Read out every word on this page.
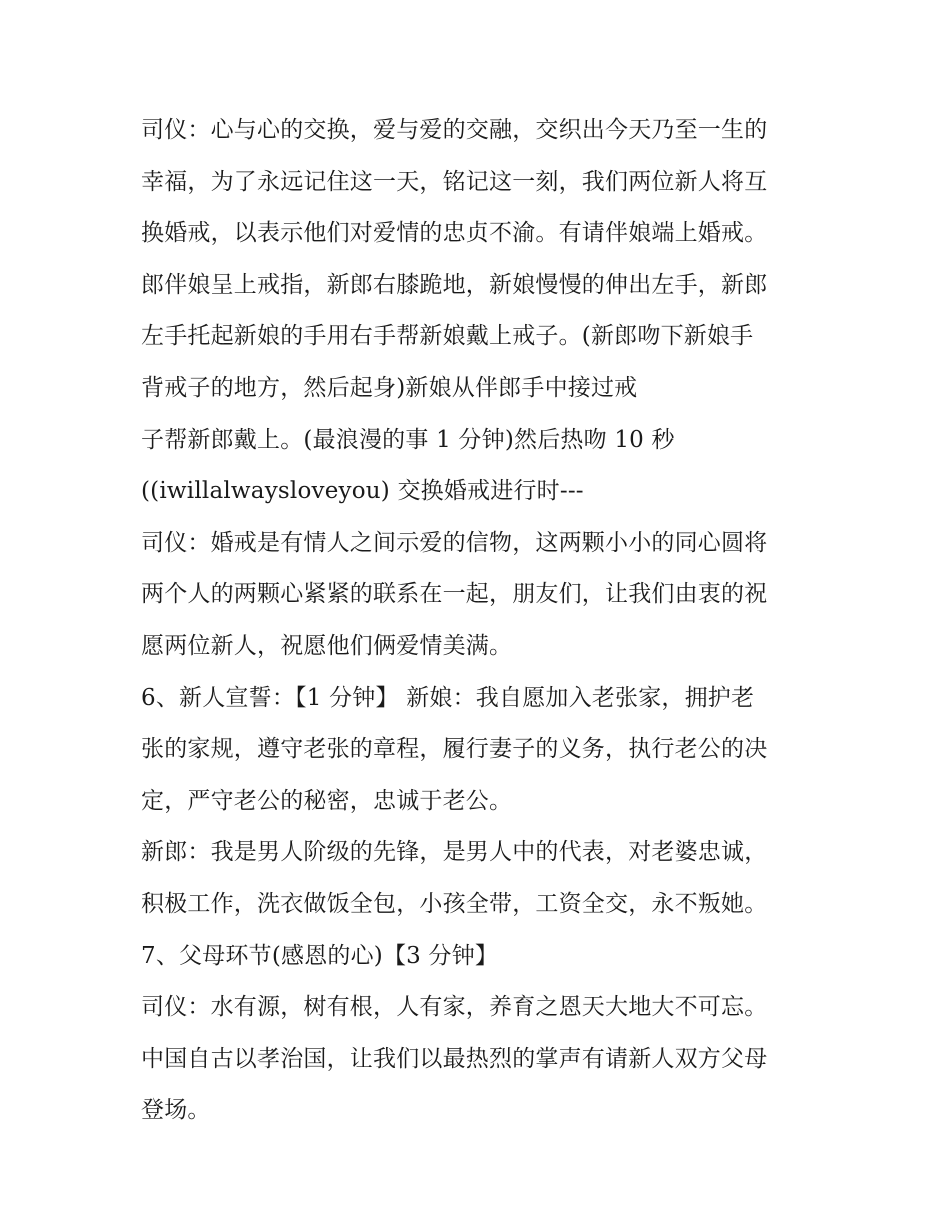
司仪：心与心的交换，爱与爱的交融，交织出今天乃至一生的
幸福，为了永远记住这一天，铭记这一刻，我们两位新人将互
换婚戒，以表示他们对爱情的忠贞不渝。有请伴娘端上婚戒。
郎伴娘呈上戒指，新郎右膝跪地，新娘慢慢的伸出左手，新郎
左手托起新娘的手用右手帮新娘戴上戒子。(新郎吻下新娘手
背戒子的地方，然后起身)新娘从伴郎手中接过戒
子帮新郎戴上。(最浪漫的事 1 分钟)然后热吻 10 秒
((iwillalwaysloveyou) 交换婚戒进行时---
司仪：婚戒是有情人之间示爱的信物，这两颗小小的同心圆将
两个人的两颗心紧紧的联系在一起，朋友们，让我们由衷的祝
愿两位新人，祝愿他们俩爱情美满。
6、新人宣誓：【1 分钟】 新娘：我自愿加入老张家，拥护老
张的家规，遵守老张的章程，履行妻子的义务，执行老公的决
定，严守老公的秘密，忠诚于老公。
新郎：我是男人阶级的先锋，是男人中的代表，对老婆忠诚，
积极工作，洗衣做饭全包，小孩全带，工资全交，永不叛她。
7、父母环节(感恩的心)【3 分钟】
司仪：水有源，树有根，人有家，养育之恩天大地大不可忘。
中国自古以孝治国，让我们以最热烈的掌声有请新人双方父母
登场。
